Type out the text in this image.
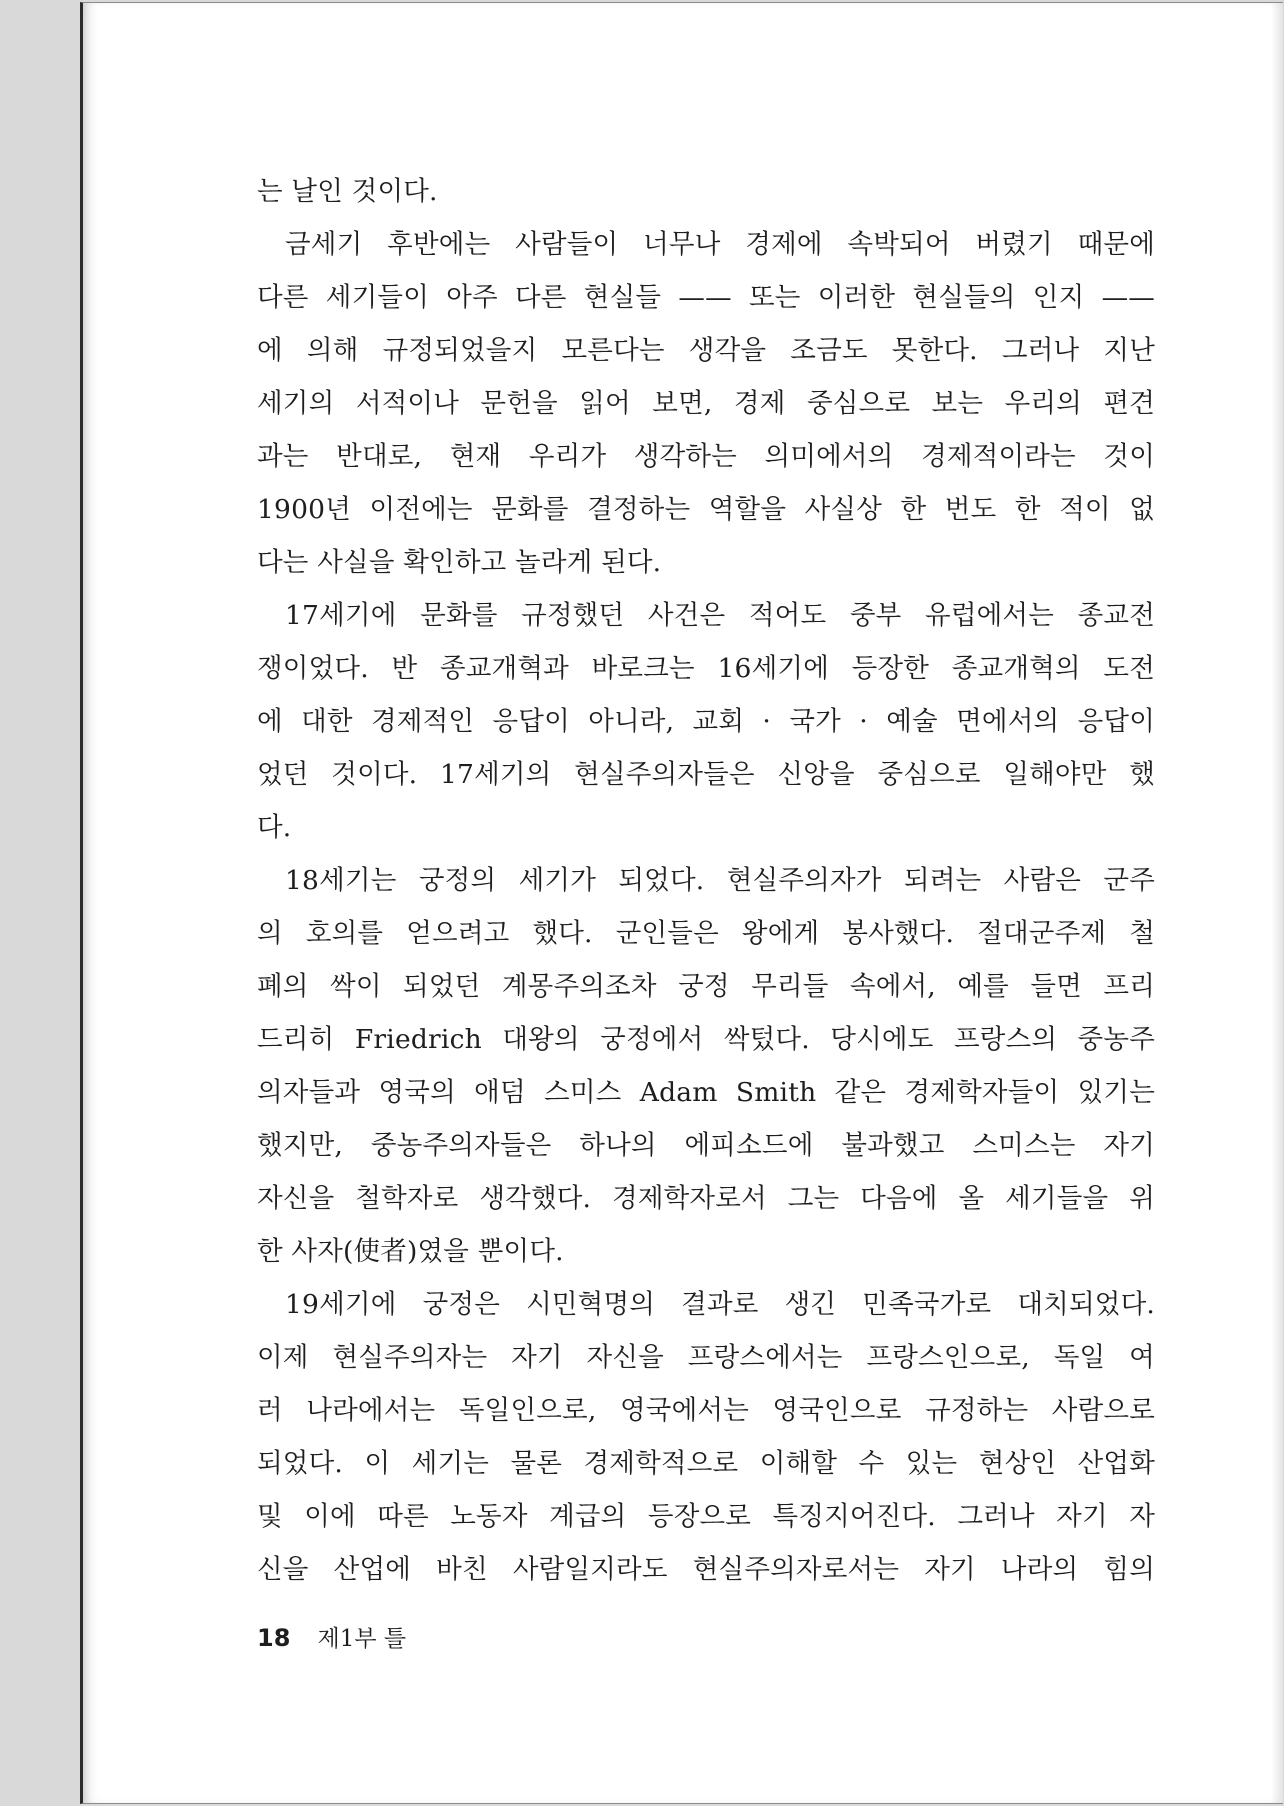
는 날인 것이다.
금세기 후반에는 사람들이 너무나 경제에 속박되어 버렸기 때문에
다른 세기들이 아주 다른 현실들 —— 또는 이러한 현실들의 인지 ——
에 의해 규정되었을지 모른다는 생각을 조금도 못한다. 그러나 지난
세기의 서적이나 문헌을 읽어 보면, 경제 중심으로 보는 우리의 편견
과는 반대로, 현재 우리가 생각하는 의미에서의 경제적이라는 것이
1900년 이전에는 문화를 결정하는 역할을 사실상 한 번도 한 적이 없
다는 사실을 확인하고 놀라게 된다.
17세기에 문화를 규정했던 사건은 적어도 중부 유럽에서는 종교전
쟁이었다. 반 종교개혁과 바로크는 16세기에 등장한 종교개혁의 도전
에 대한 경제적인 응답이 아니라, 교회 · 국가 · 예술 면에서의 응답이
었던 것이다. 17세기의 현실주의자들은 신앙을 중심으로 일해야만 했
다.
18세기는 궁정의 세기가 되었다. 현실주의자가 되려는 사람은 군주
의 호의를 얻으려고 했다. 군인들은 왕에게 봉사했다. 절대군주제 철
폐의 싹이 되었던 계몽주의조차 궁정 무리들 속에서, 예를 들면 프리
드리히 Friedrich 대왕의 궁정에서 싹텄다. 당시에도 프랑스의 중농주
의자들과 영국의 애덤 스미스 Adam Smith 같은 경제학자들이 있기는
했지만, 중농주의자들은 하나의 에피소드에 불과했고 스미스는 자기
자신을 철학자로 생각했다. 경제학자로서 그는 다음에 올 세기들을 위
한 사자(使者)였을 뿐이다.
19세기에 궁정은 시민혁명의 결과로 생긴 민족국가로 대치되었다.
이제 현실주의자는 자기 자신을 프랑스에서는 프랑스인으로, 독일 여
러 나라에서는 독일인으로, 영국에서는 영국인으로 규정하는 사람으로
되었다. 이 세기는 물론 경제학적으로 이해할 수 있는 현상인 산업화
및 이에 따른 노동자 계급의 등장으로 특징지어진다. 그러나 자기 자
신을 산업에 바친 사람일지라도 현실주의자로서는 자기 나라의 힘의
18 제1부 틀
